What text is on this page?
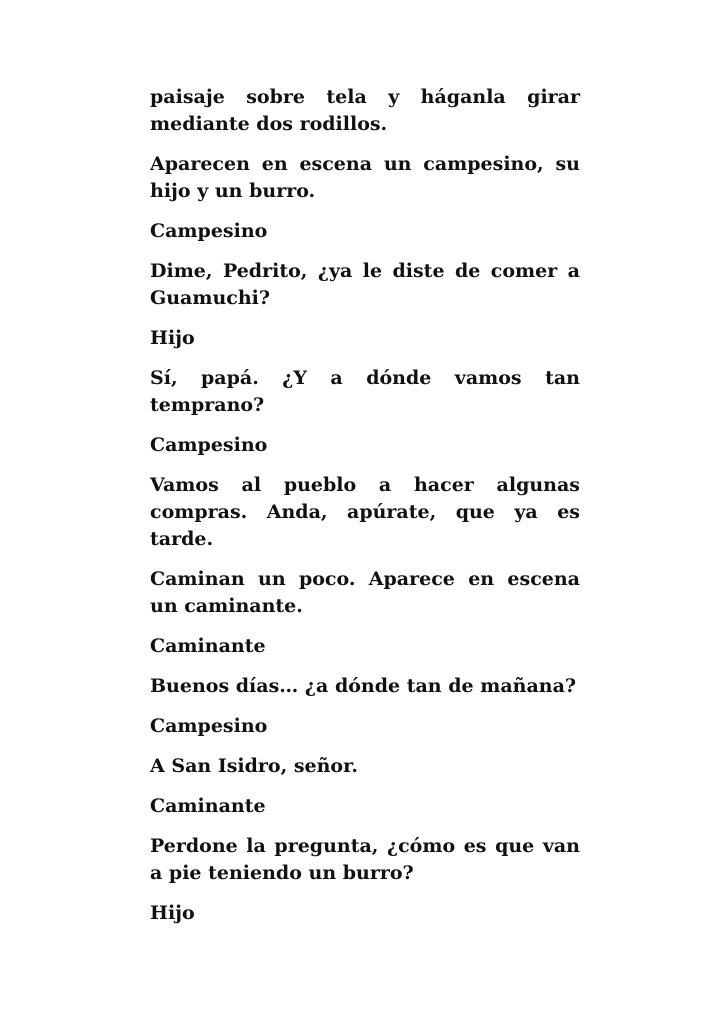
paisaje sobre tela y háganla girar mediante dos rodillos.

Aparecen en escena un campesino, su hijo y un burro.

Campesino

Dime, Pedrito, ¿ya le diste de comer a Guamuchi?

Hijo

Sí, papá. ¿Y a dónde vamos tan temprano?

Campesino

Vamos al pueblo a hacer algunas compras. Anda, apúrate, que ya es tarde.

Caminan un poco. Aparece en escena un caminante.

Caminante

Buenos días… ¿a dónde tan de mañana?

Campesino

A San Isidro, señor.

Caminante

Perdone la pregunta, ¿cómo es que van a pie teniendo un burro?

Hijo
